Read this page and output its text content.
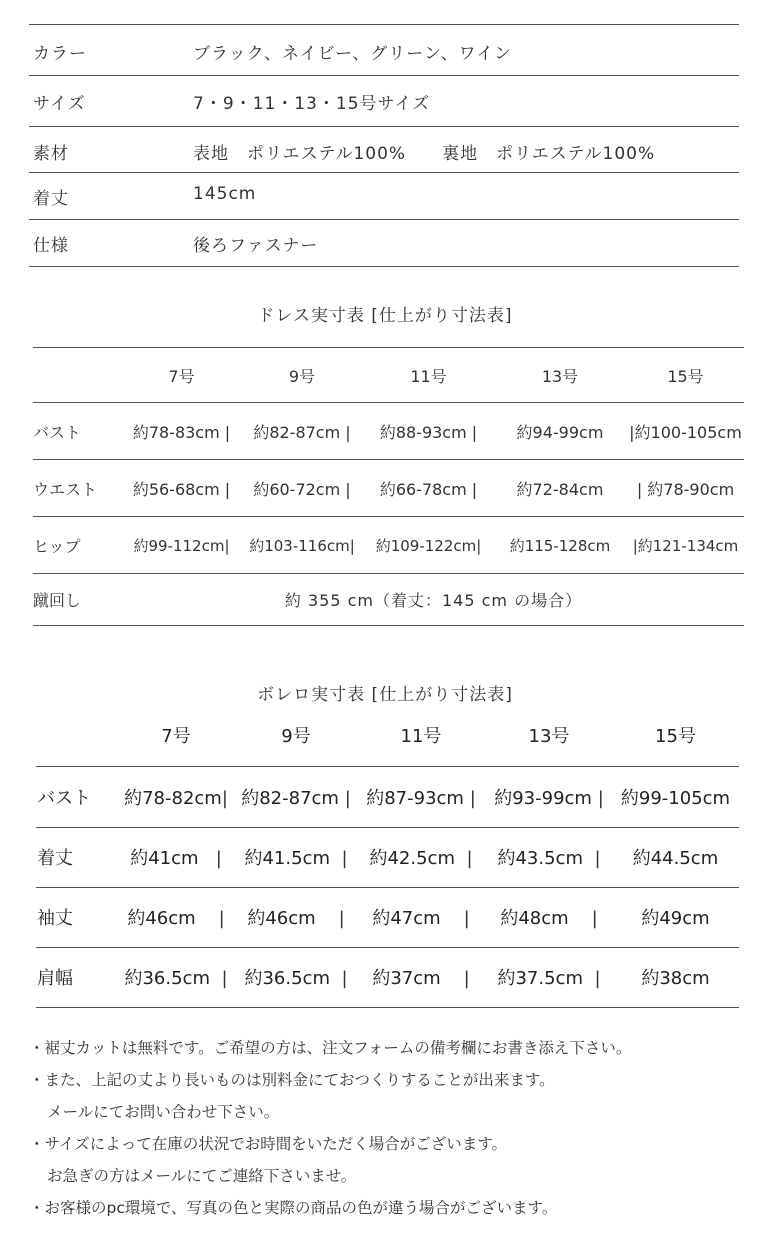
カラー	ブラック、ネイビー、グリーン、ワイン
サイズ	7・9・11・13・15号サイズ
素材	表地　ポリエステル100%　　裏地　ポリエステル100%
着丈	145cm
仕様	後ろファスナー
ドレス実寸表 [仕上がり寸法表]
	7号	9号	11号	13号	15号
バスト	約78-83cm |	約82-87cm |	約88-93cm |	約94-99cm	|約100-105cm
ウエスト	約56-68cm |	約60-72cm |	約66-78cm |	約72-84cm	| 約78-90cm
ヒップ	約99-112cm|	約103-116cm|	約109-122cm|	約115-128cm	|約121-134cm
蹴回し	約 355 cm（着丈：145 cm の場合）				
ボレロ実寸表 [仕上がり寸法表]
	7号	9号	11号	13号	15号
バスト	約78-82cm|	約82-87cm |	約87-93cm |	約93-99cm |	約99-105cm
着丈	約41cm |	約41.5cm |	約42.5cm |	約43.5cm |	約44.5cm
袖丈	約46cm |	約46cm |	約47cm |	約48cm |	約49cm
肩幅	約36.5cm |	約36.5cm |	約37cm |	約37.5cm |	約38cm
・裾丈カットは無料です。ご希望の方は、注文フォームの備考欄にお書き添え下さい。
・また、上記の丈より長いものは別料金にておつくりすることが出来ます。
メールにてお問い合わせ下さい。
・サイズによって在庫の状況でお時間をいただく場合がございます。
お急ぎの方はメールにてご連絡下さいませ。
・お客様のpc環境で、写真の色と実際の商品の色が違う場合がございます。
